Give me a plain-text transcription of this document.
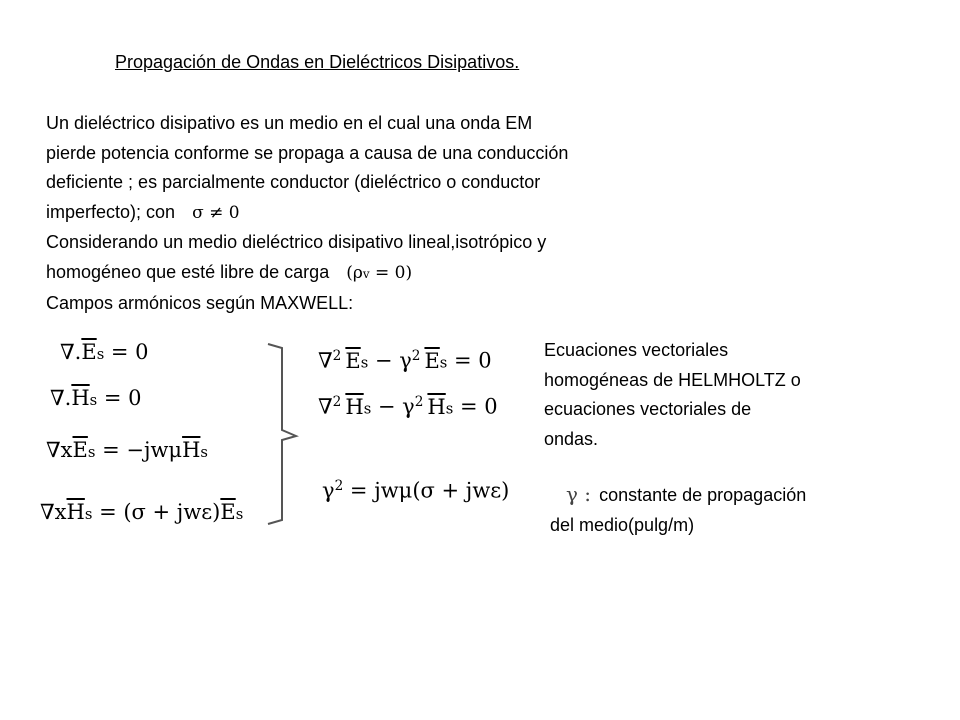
Propagación de Ondas en Dieléctricos Disipativos.
Un dieléctrico disipativo es un medio en el cual una onda EM
pierde potencia conforme se propaga a causa de una conducción
deficiente ; es parcialmente conductor (dieléctrico o conductor
imperfecto); con σ ≠ 0
Considerando un medio dieléctrico disipativo lineal,isotrópico y
homogéneo que esté libre de carga (ρv = 0)
Campos armónicos según MAXWELL:
$\nabla.\overline{E}s = 0$
$\nabla.\overline{H}s = 0$
$\nabla x\overline{E}s = -jw\mu\overline{H}s$
$\nabla x\overline{H}s = (\sigma + jw\varepsilon)\overline{E}s$
∇$^2$ $\overline{E}s - \gamma^2$ $\overline{E}s = 0$
∇$^2$ $\overline{H}s - \gamma^2$ $\overline{H}s = 0$
$\gamma^2 = jw\mu(\sigma + jw\varepsilon)$
Ecuaciones vectoriales
homogéneas de HELMHOLTZ o
ecuaciones vectoriales de
ondas.
γ : constante de propagación
del medio(pulg/m)
